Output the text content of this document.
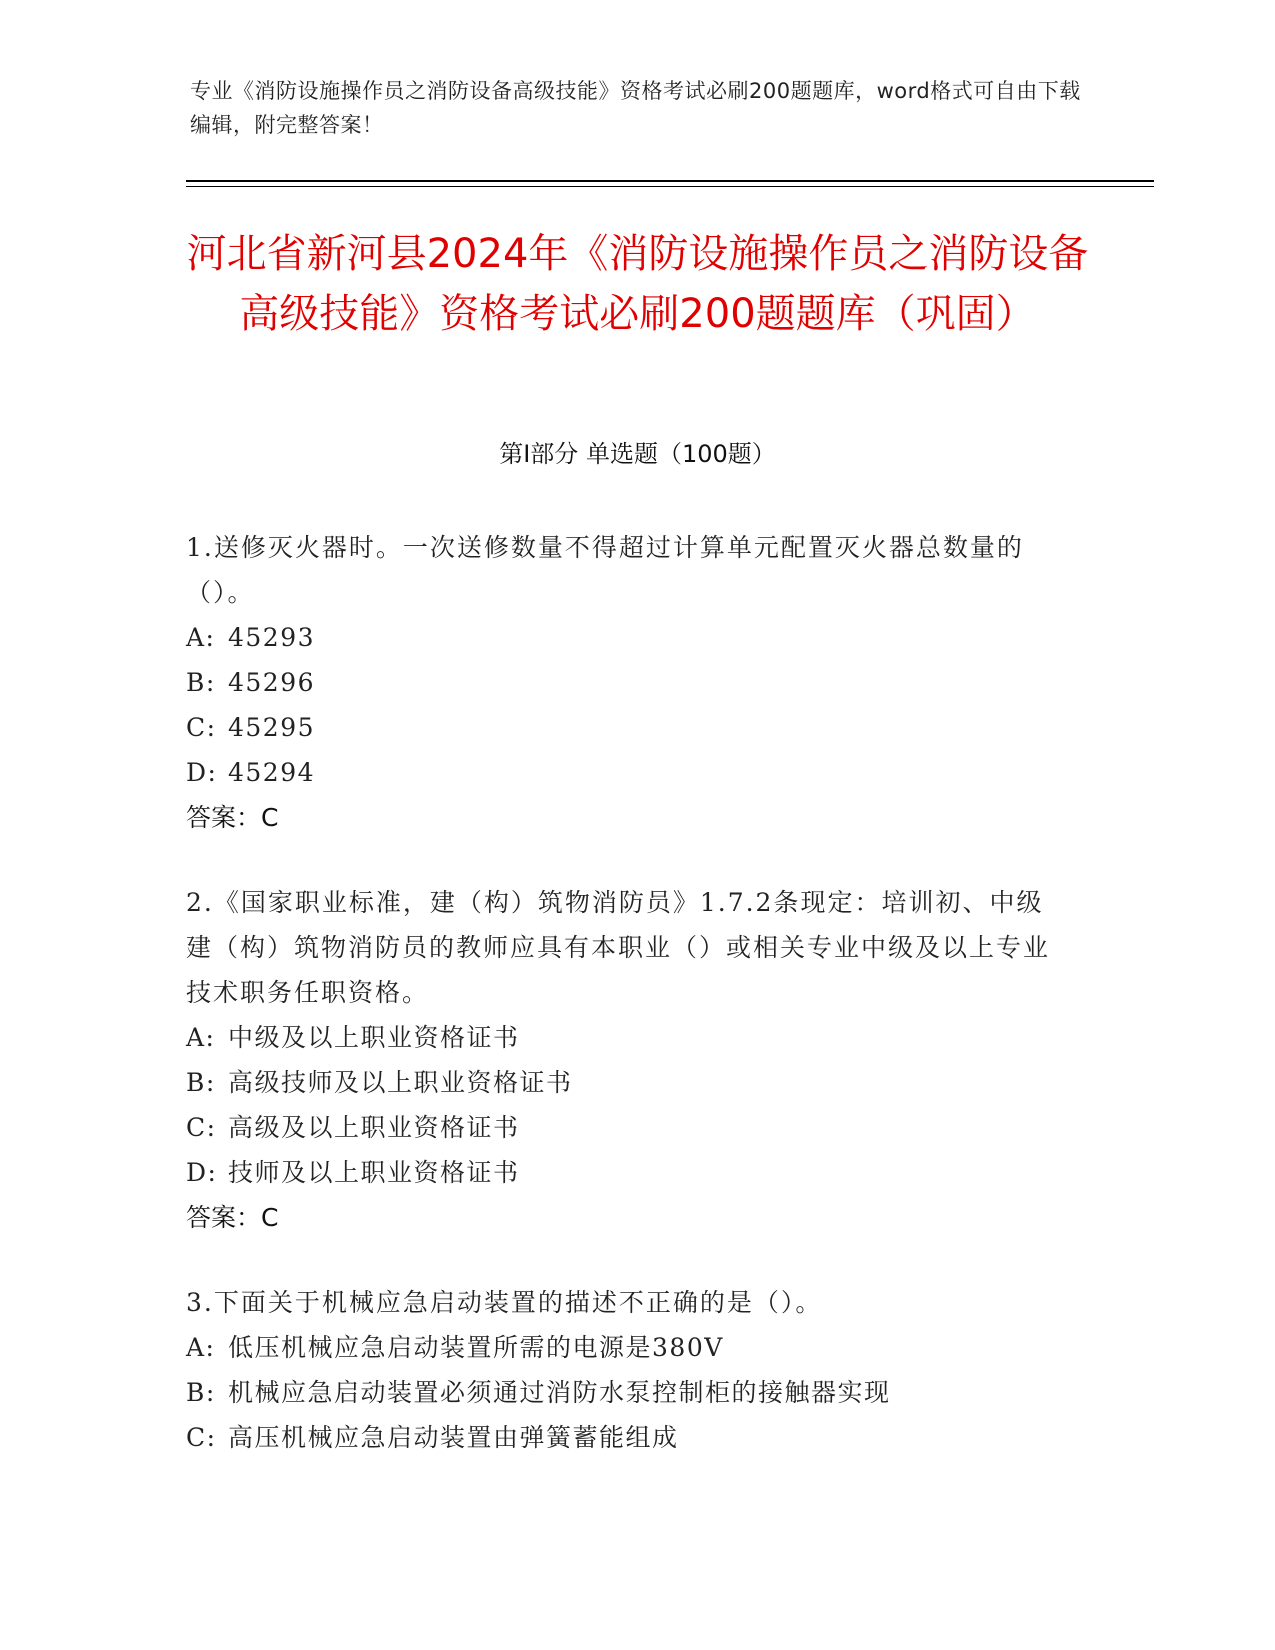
专业《消防设施操作员之消防设备高级技能》资格考试必刷200题题库，word格式可自由下载编辑，附完整答案！
河北省新河县2024年《消防设施操作员之消防设备高级技能》资格考试必刷200题题库（巩固）
第I部分 单选题（100题）
1.送修灭火器时。一次送修数量不得超过计算单元配置灭火器总数量的（）。
A: 45293
B: 45296
C: 45295
D: 45294
答案：C
2.《国家职业标准，建（构）筑物消防员》1.7.2条现定：培训初、中级建（构）筑物消防员的教师应具有本职业（）或相关专业中级及以上专业技术职务任职资格。
A: 中级及以上职业资格证书
B: 高级技师及以上职业资格证书
C: 高级及以上职业资格证书
D: 技师及以上职业资格证书
答案：C
3.下面关于机械应急启动装置的描述不正确的是（）。
A: 低压机械应急启动装置所需的电源是380V
B: 机械应急启动装置必须通过消防水泵控制柜的接触器实现
C: 高压机械应急启动装置由弹簧蓄能组成
